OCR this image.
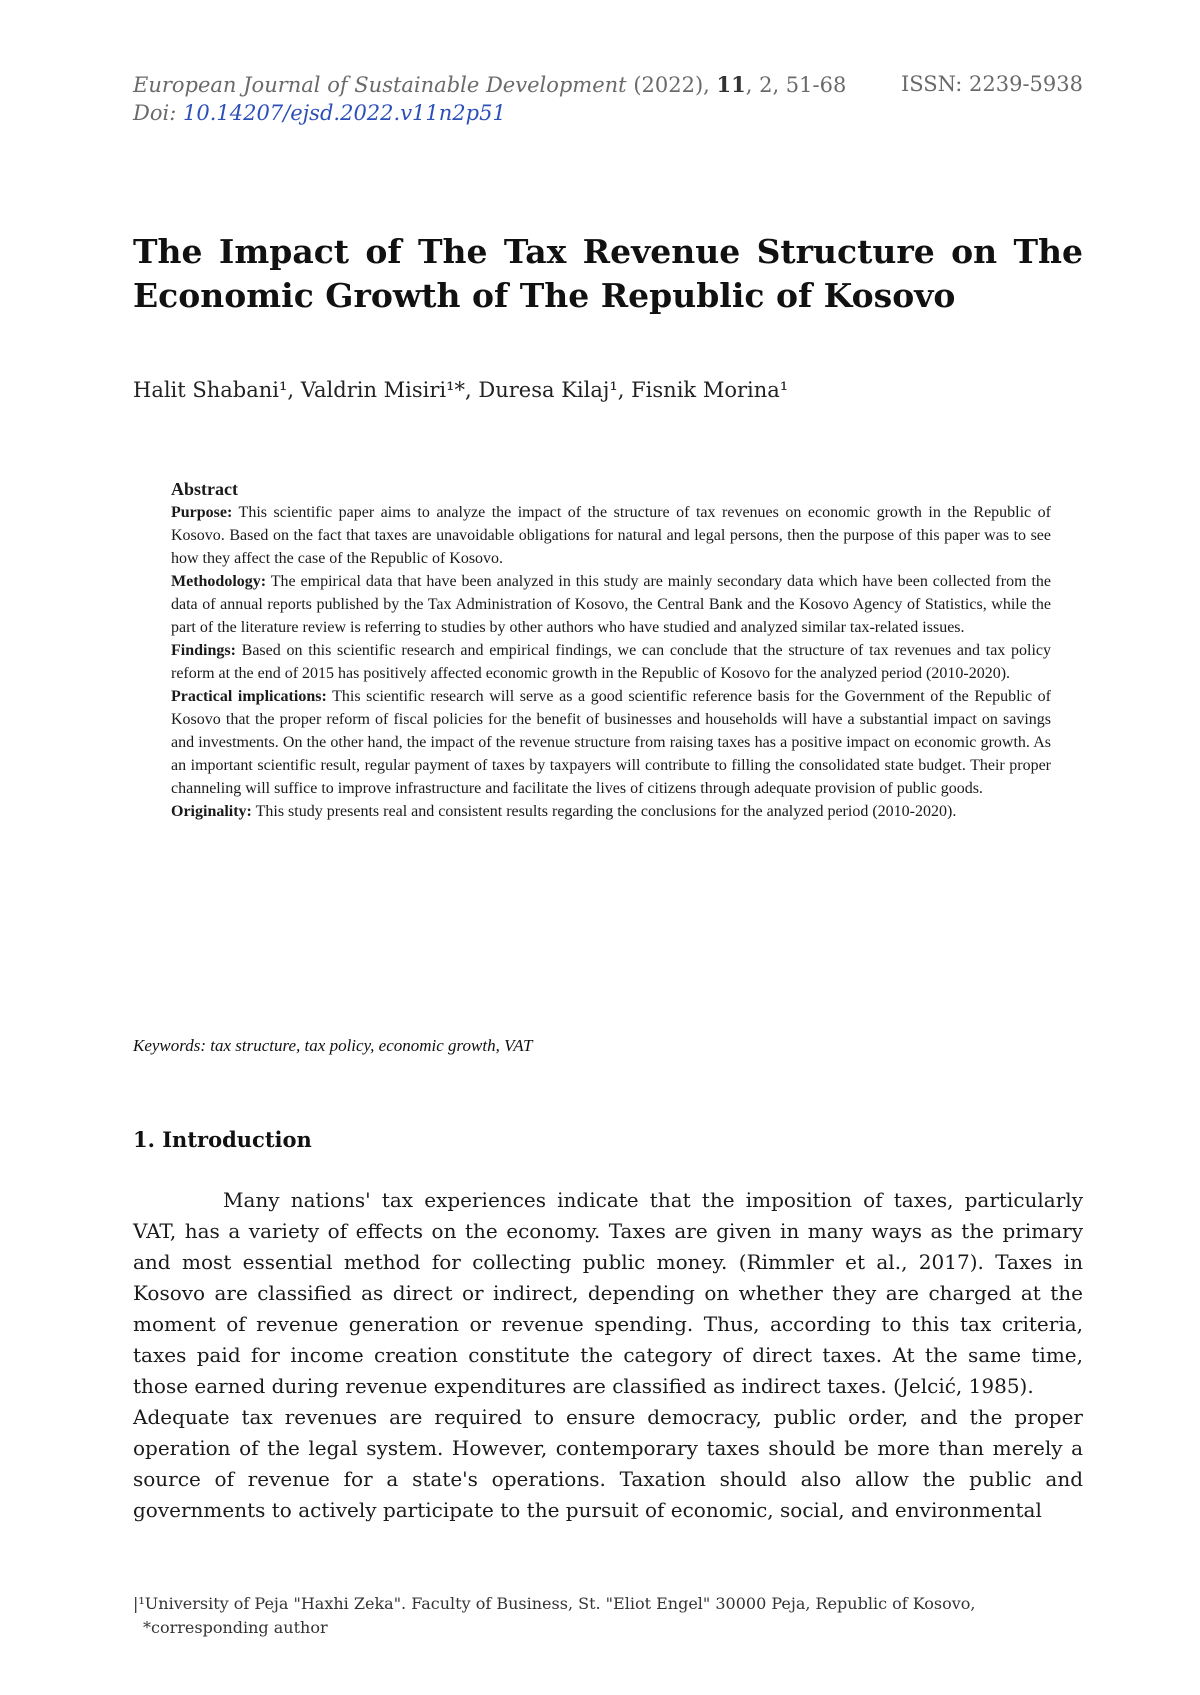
European Journal of Sustainable Development (2022), 11, 2, 51-68	ISSN: 2239-5938
Doi: 10.14207/ejsd.2022.v11n2p51
The Impact of The Tax Revenue Structure on The Economic Growth of The Republic of Kosovo
Halit Shabani¹, Valdrin Misiri¹*, Duresa Kilaj¹, Fisnik Morina¹
Abstract

Purpose: This scientific paper aims to analyze the impact of the structure of tax revenues on economic growth in the Republic of Kosovo. Based on the fact that taxes are unavoidable obligations for natural and legal persons, then the purpose of this paper was to see how they affect the case of the Republic of Kosovo.

Methodology: The empirical data that have been analyzed in this study are mainly secondary data which have been collected from the data of annual reports published by the Tax Administration of Kosovo, the Central Bank and the Kosovo Agency of Statistics, while the part of the literature review is referring to studies by other authors who have studied and analyzed similar tax-related issues.

Findings: Based on this scientific research and empirical findings, we can conclude that the structure of tax revenues and tax policy reform at the end of 2015 has positively affected economic growth in the Republic of Kosovo for the analyzed period (2010-2020).

Practical implications: This scientific research will serve as a good scientific reference basis for the Government of the Republic of Kosovo that the proper reform of fiscal policies for the benefit of businesses and households will have a substantial impact on savings and investments. On the other hand, the impact of the revenue structure from raising taxes has a positive impact on economic growth. As an important scientific result, regular payment of taxes by taxpayers will contribute to filling the consolidated state budget. Their proper channeling will suffice to improve infrastructure and facilitate the lives of citizens through adequate provision of public goods.

Originality: This study presents real and consistent results regarding the conclusions for the analyzed period (2010-2020).

Keywords: tax structure, tax policy, economic growth, VAT
1. Introduction

Many nations' tax experiences indicate that the imposition of taxes, particularly VAT, has a variety of effects on the economy. Taxes are given in many ways as the primary and most essential method for collecting public money. (Rimmler et al., 2017). Taxes in Kosovo are classified as direct or indirect, depending on whether they are charged at the moment of revenue generation or revenue spending. Thus, according to this tax criteria, taxes paid for income creation constitute the category of direct taxes. At the same time, those earned during revenue expenditures are classified as indirect taxes. (Jelcić, 1985).

Adequate tax revenues are required to ensure democracy, public order, and the proper operation of the legal system. However, contemporary taxes should be more than merely a source of revenue for a state's operations. Taxation should also allow the public and governments to actively participate to the pursuit of economic, social, and environmental

|¹University of Peja "Haxhi Zeka". Faculty of Business, St. "Eliot Engel" 30000 Peja, Republic of Kosovo,
*corresponding author
